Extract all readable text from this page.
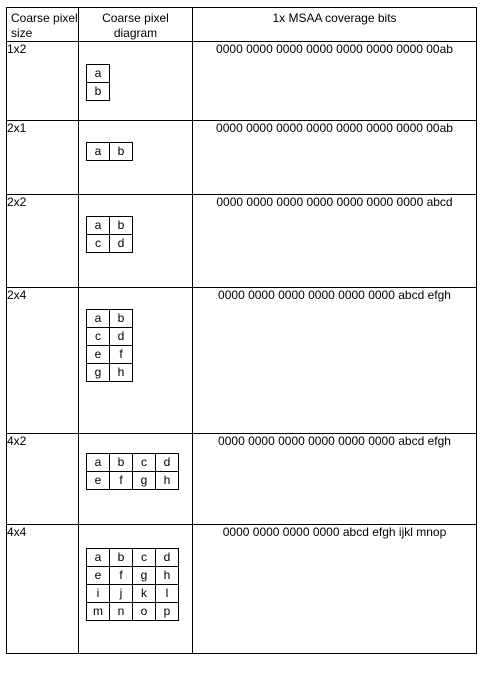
Coarse pixel size	Coarse pixel diagram	1x MSAA coverage bits
1x2	
a
b
	0000 0000 0000 0000 0000 0000 0000 00ab
2x1	
a	b
	0000 0000 0000 0000 0000 0000 0000 00ab
2x2	
a	b
c	d
	0000 0000 0000 0000 0000 0000 0000 abcd
2x4	
a	b
c	d
e	f
g	h
	0000 0000 0000 0000 0000 0000 abcd efgh
4x2	
a	b	c	d
e	f	g	h
	0000 0000 0000 0000 0000 0000 abcd efgh
4x4	
a	b	c	d
e	f	g	h
i	j	k	l
m	n	o	p
	0000 0000 0000 0000 abcd efgh ijkl mnop
